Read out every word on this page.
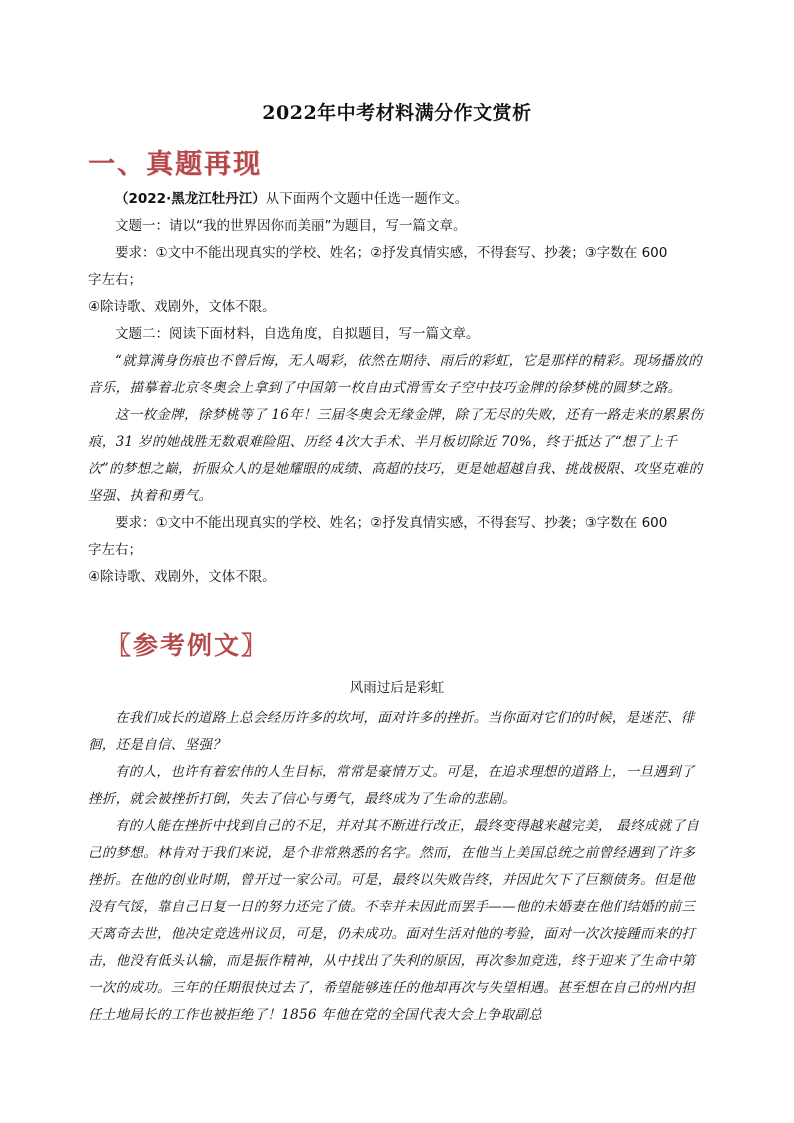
2022年中考材料满分作文赏析
一、真题再现

（2022·黑龙江牡丹江）从下面两个文题中任选一题作文。

文题一：请以“我的世界因你而美丽”为题目，写一篇文章。

要求：①文中不能出现真实的学校、姓名；②抒发真情实感，不得套写、抄袭；③字数在 600

字左右；

④除诗歌、戏剧外，文体不限。

文题二：阅读下面材料，自选角度，自拟题目，写一篇文章。

“就算满身伤痕也不曾后悔，无人喝彩，依然在期待、雨后的彩虹，它是那样的精彩。现场播放的音乐，描摹着北京冬奥会上拿到了中国第一枚自由式滑雪女子空中技巧金牌的徐梦桃的圆梦之路。

这一枚金牌，徐梦桃等了 16年！三届冬奥会无缘金牌，除了无尽的失败，还有一路走来的累累伤痕，31 岁的她战胜无数艰难险阻、历经 4次大手术、半月板切除近 70%，终于抵达了“想了上千次”的梦想之巅，折服众人的是她耀眼的成绩、高超的技巧，更是她超越自我、挑战极限、攻坚克难的坚强、执着和勇气。

要求：①文中不能出现真实的学校、姓名；②抒发真情实感，不得套写、抄袭；③字数在 600

字左右；

④除诗歌、戏剧外，文体不限。

〖参考例文〗
风雨过后是彩虹

在我们成长的道路上总会经历许多的坎坷，面对许多的挫折。当你面对它们的时候，是迷茫、徘徊，还是自信、坚强？

有的人，也许有着宏伟的人生目标，常常是豪情万丈。可是，在追求理想的道路上，一旦遇到了挫折，就会被挫折打倒，失去了信心与勇气，最终成为了生命的悲剧。

有的人能在挫折中找到自己的不足，并对其不断进行改正，最终变得越来越完美， 最终成就了自己的梦想。林肯对于我们来说，是个非常熟悉的名字。然而，在他当上美国总统之前曾经遇到了许多挫折。在他的创业时期，曾开过一家公司。可是，最终以失败告终，并因此欠下了巨额债务。但是他没有气馁，靠自己日复一日的努力还完了债。不幸并未因此而罢手——他的未婚妻在他们结婚的前三天离奇去世，他决定竞选州议员，可是，仍未成功。面对生活对他的考验，面对一次次接踵而来的打击，他没有低头认输，而是振作精神，从中找出了失利的原因，再次参加竞选，终于迎来了生命中第一次的成功。三年的任期很快过去了，希望能够连任的他却再次与失望相遇。甚至想在自己的州内担任土地局长的工作也被拒绝了！1856 年他在党的全国代表大会上争取副总
